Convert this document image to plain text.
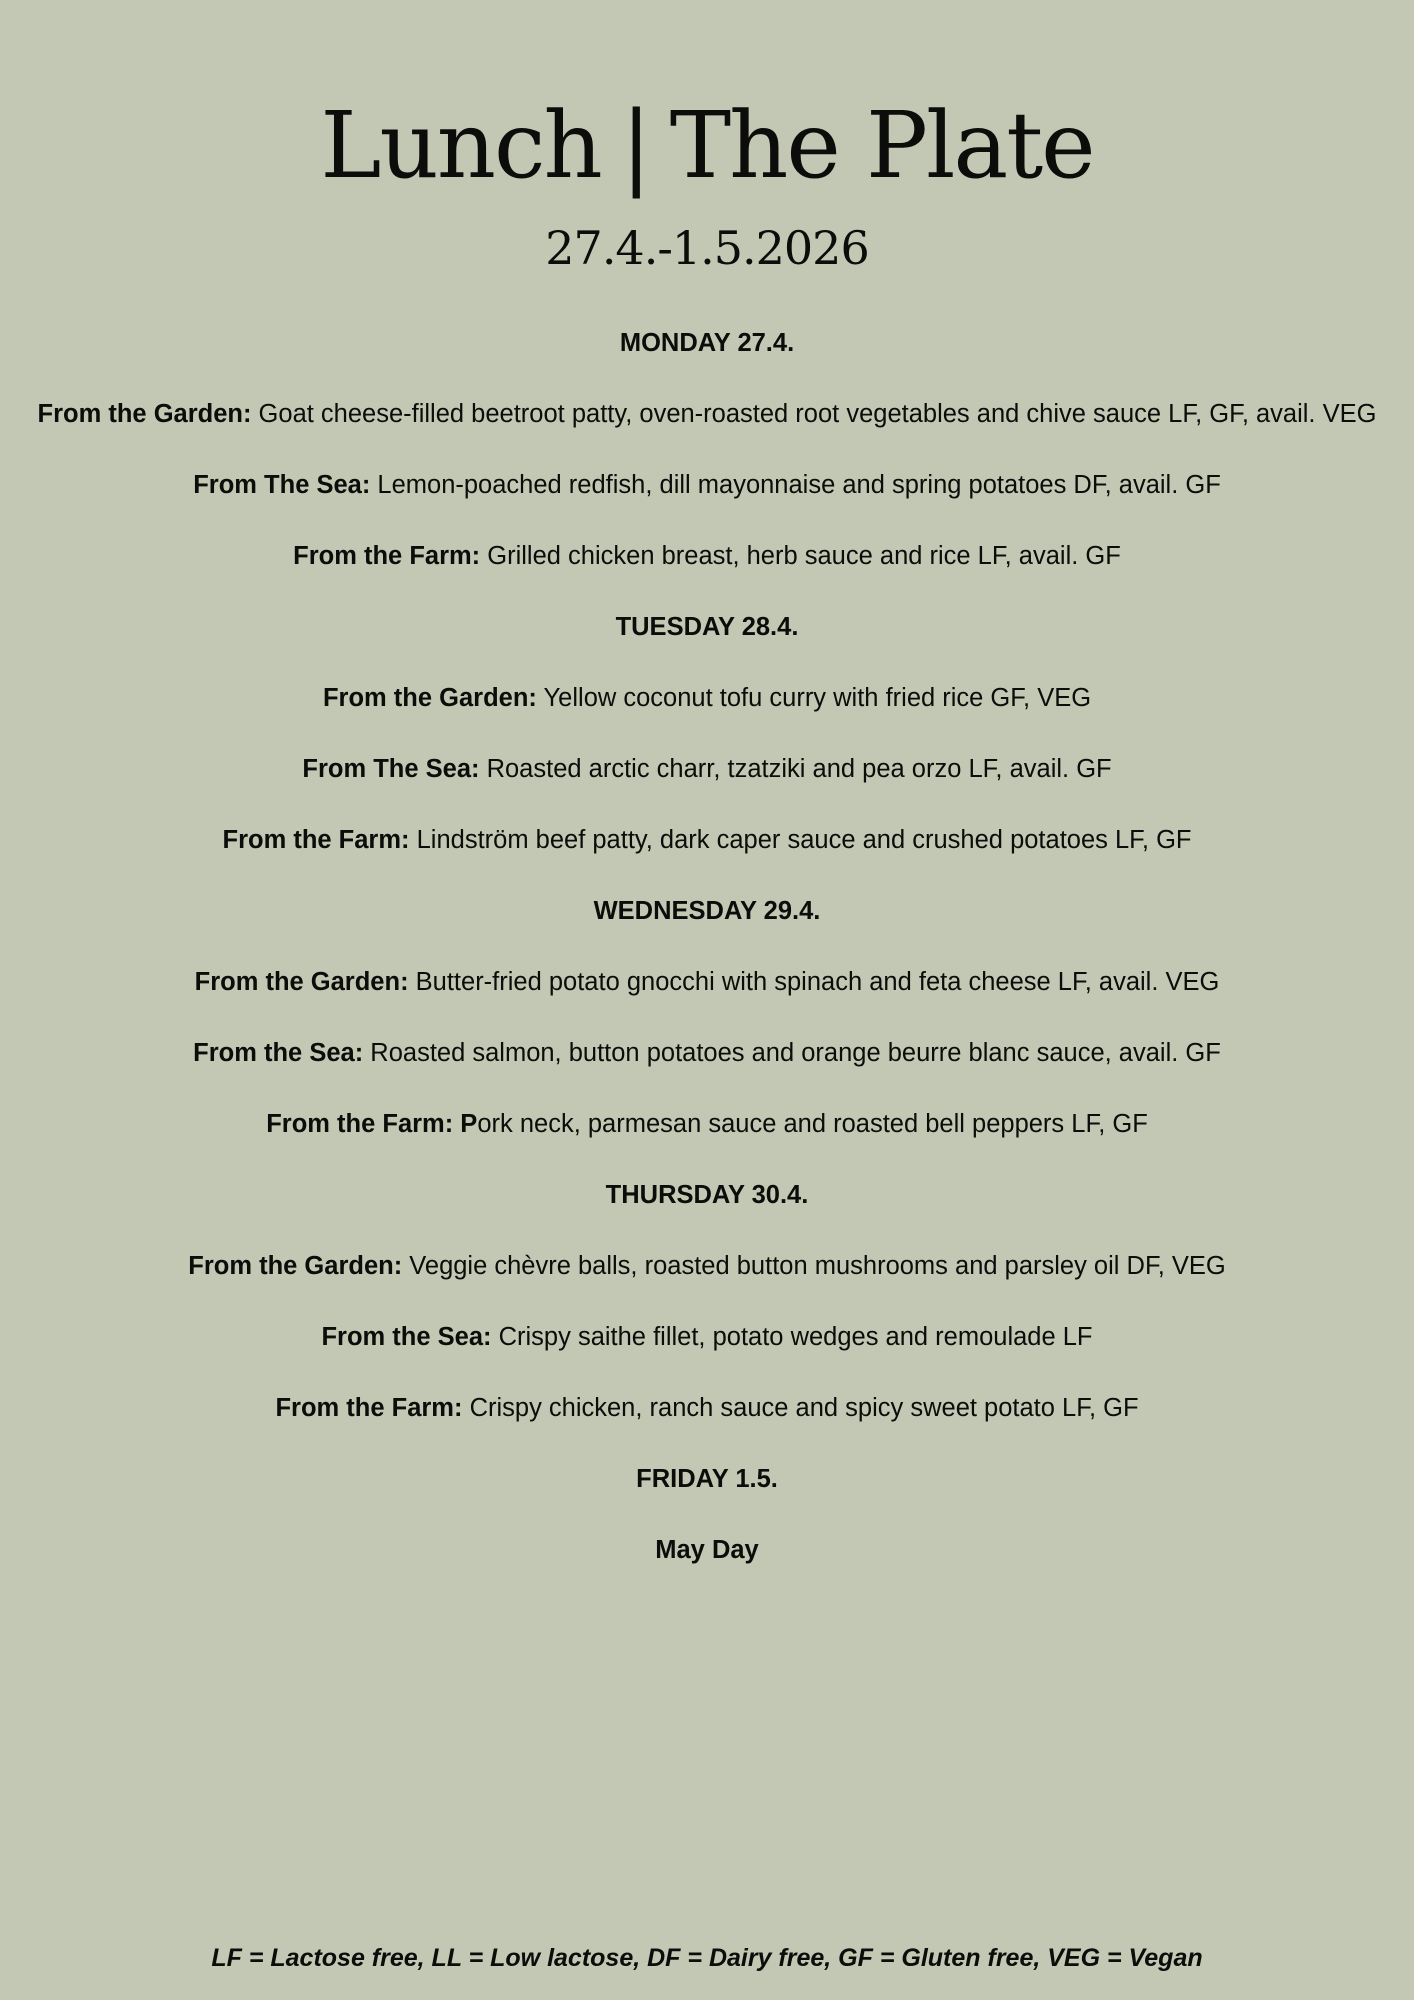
Lunch | The Plate
27.4.-1.5.2026

MONDAY 27.4.

From the Garden: Goat cheese-filled beetroot patty, oven-roasted root vegetables and chive sauce LF, GF, avail. VEG

From The Sea: Lemon-poached redfish, dill mayonnaise and spring potatoes DF, avail. GF

From the Farm: Grilled chicken breast, herb sauce and rice LF, avail. GF

TUESDAY 28.4.

From the Garden: Yellow coconut tofu curry with fried rice GF, VEG

From The Sea: Roasted arctic charr, tzatziki and pea orzo LF, avail. GF

From the Farm: Lindström beef patty, dark caper sauce and crushed potatoes LF, GF

WEDNESDAY 29.4.

From the Garden: Butter-fried potato gnocchi with spinach and feta cheese LF, avail. VEG

From the Sea: Roasted salmon, button potatoes and orange beurre blanc sauce, avail. GF

From the Farm: Pork neck, parmesan sauce and roasted bell peppers LF, GF

THURSDAY 30.4.

From the Garden: Veggie chèvre balls, roasted button mushrooms and parsley oil DF, VEG

From the Sea: Crispy saithe fillet, potato wedges and remoulade LF

From the Farm: Crispy chicken, ranch sauce and spicy sweet potato LF, GF

FRIDAY 1.5.

May Day

LF = Lactose free, LL = Low lactose, DF = Dairy free, GF = Gluten free, VEG = Vegan
